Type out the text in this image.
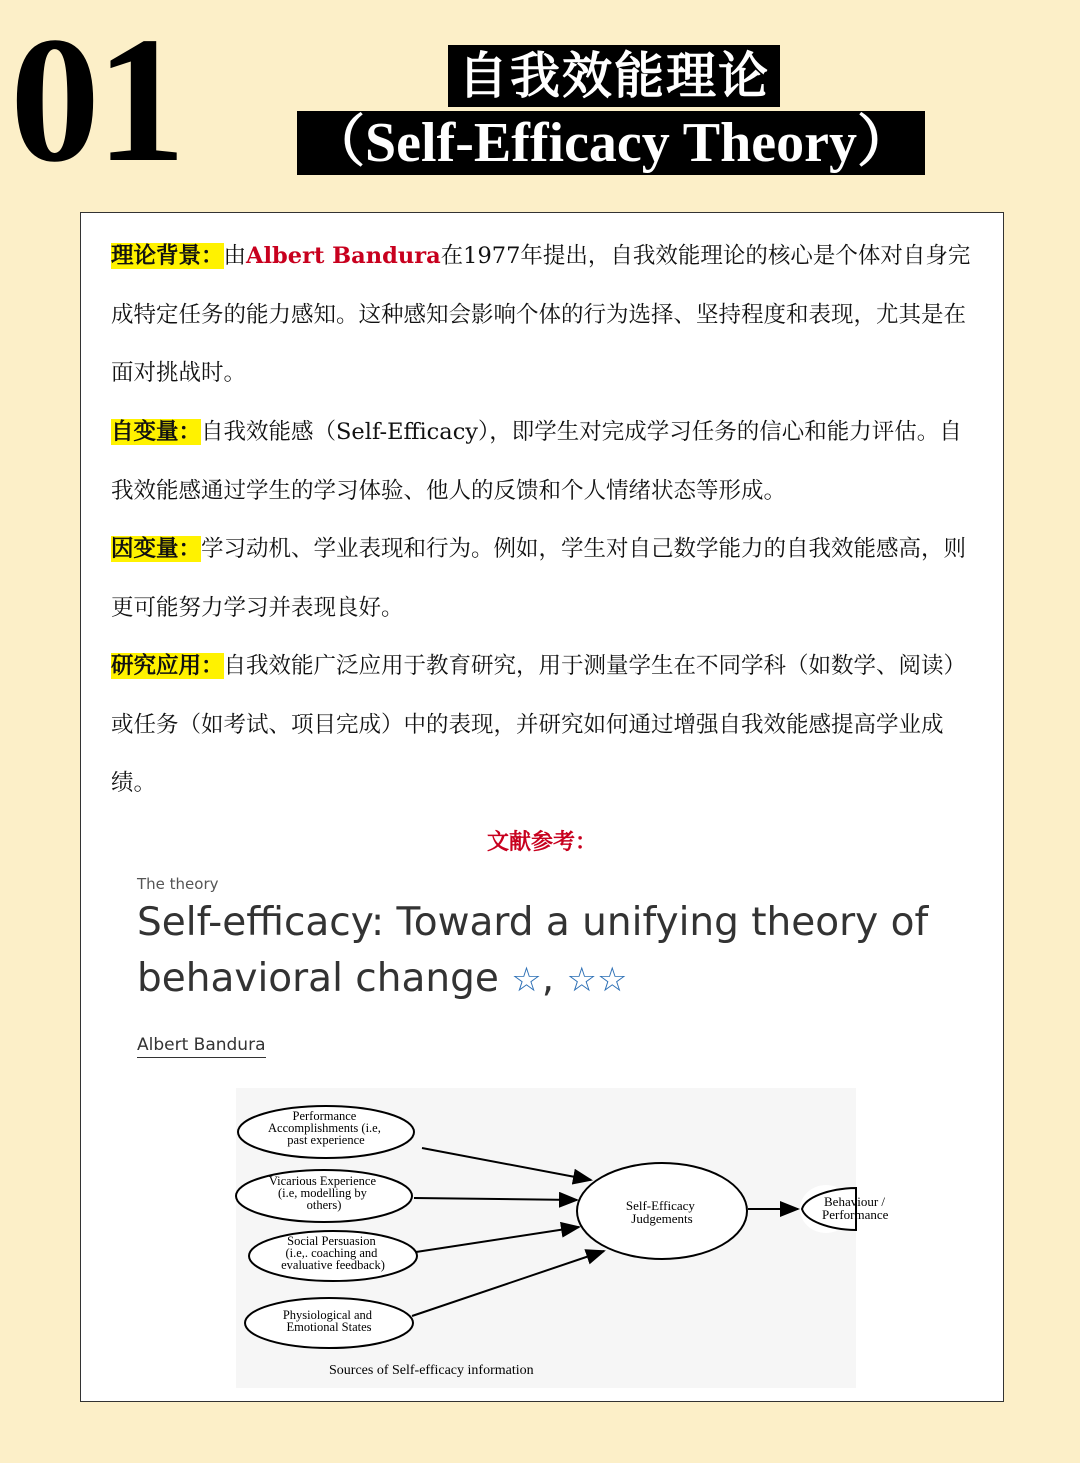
01	自我效能理论
（Self-Efficacy Theory）
理论背景：由Albert Bandura在1977年提出，自我效能理论的核心是个体对自身完成特定任务的能力感知。这种感知会影响个体的行为选择、坚持程度和表现，尤其是在面对挑战时。
自变量：自我效能感（Self-Efficacy），即学生对完成学习任务的信心和能力评估。自我效能感通过学生的学习体验、他人的反馈和个人情绪状态等形成。
因变量：学习动机、学业表现和行为。例如，学生对自己数学能力的自我效能感高，则更可能努力学习并表现良好。
研究应用：自我效能广泛应用于教育研究，用于测量学生在不同学科（如数学、阅读）或任务（如考试、项目完成）中的表现，并研究如何通过增强自我效能感提高学业成绩。
文献参考：
The theory
Self-efficacy: Toward a unifying theory of behavioral change ☆, ☆☆
Albert Bandura
Performance Accomplishments (i.e, past experience
Vicarious Experience (i.e, modelling by others)
Social Persuasion (i.e,. coaching and evaluative feedback)
Physiological and Emotional States
Self-Efficacy Judgements
Behaviour / Performance
Sources of Self-efficacy information
